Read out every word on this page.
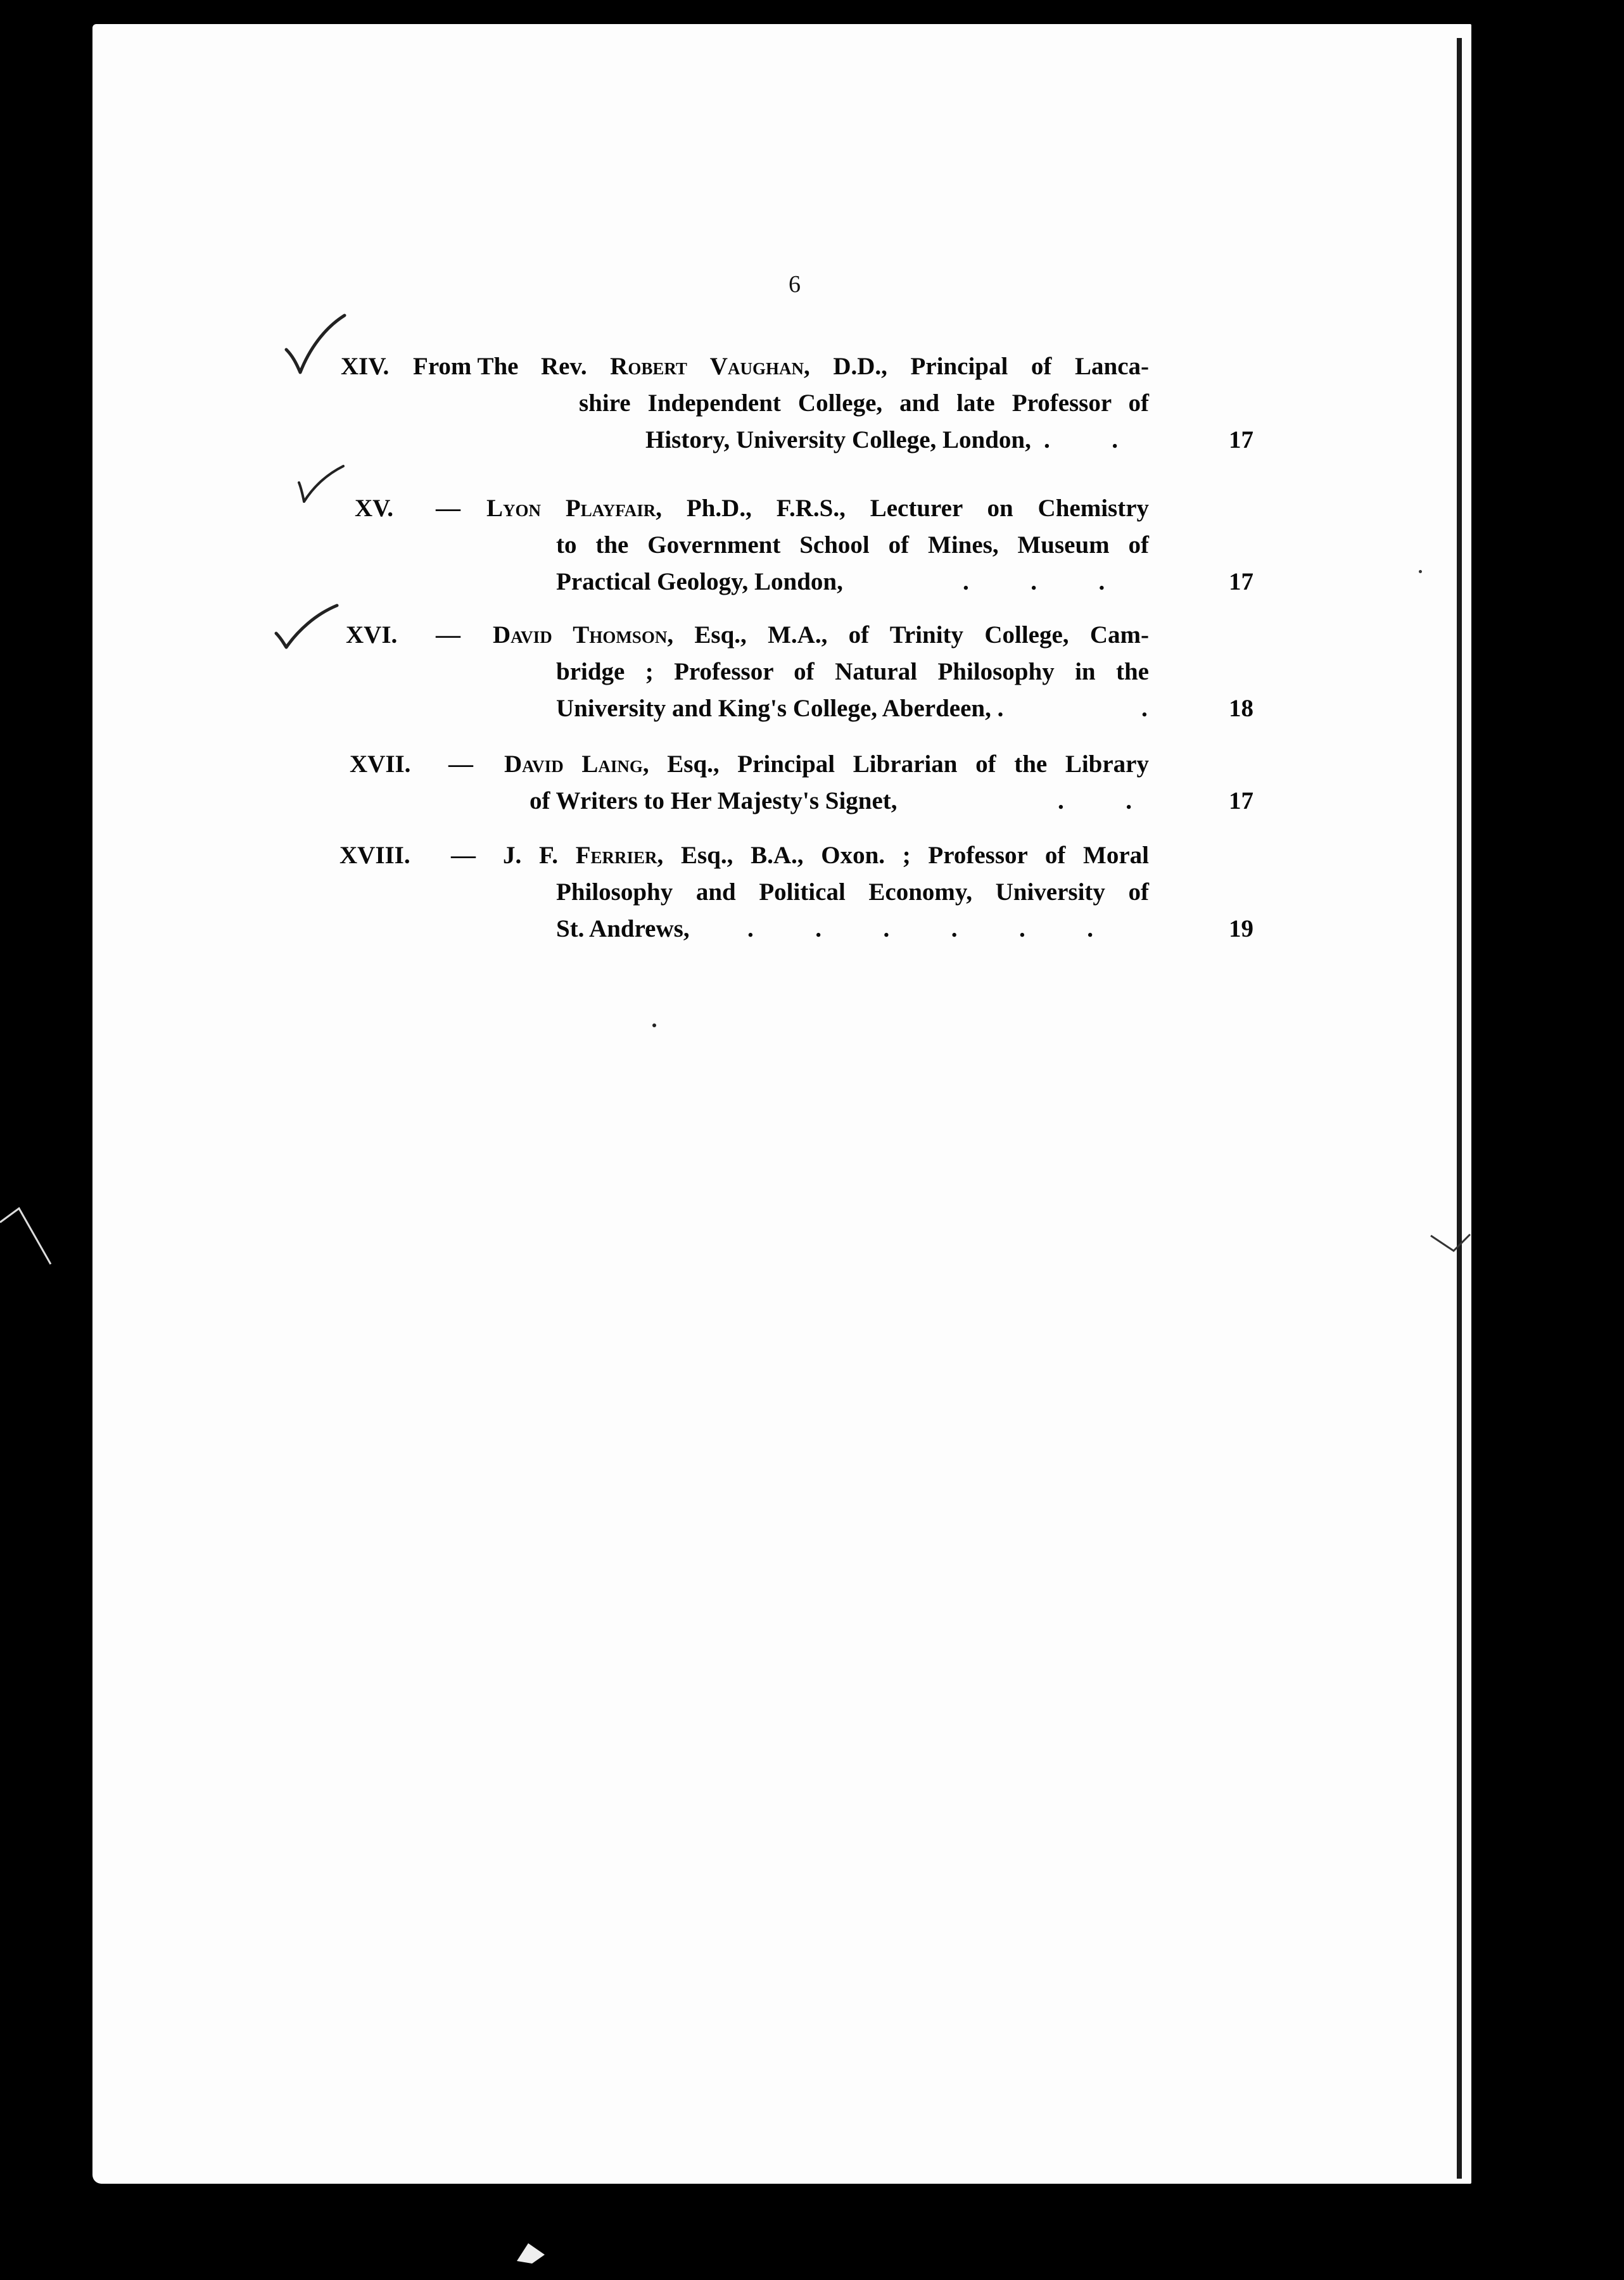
6
XIV. From The Rev. Robert Vaughan, D.D., Principal of Lanca-
shire Independent College, and late Professor of
History, University College, London, .          .	17
XV. — Lyon Playfair, Ph.D., F.R.S., Lecturer on Chemistry
to the Government School of Mines, Museum of
Practical Geology, London,	.          .          .	17
XVI. — David Thomson, Esq., M.A., of Trinity College, Cam-
bridge ; Professor of Natural Philosophy in the
University and King's College, Aberdeen, .	.	18
XVII. — David Laing, Esq., Principal Librarian of the Library
of Writers to Her Majesty's Signet,	.          .	17
XVIII. — J. F. Ferrier, Esq., B.A., Oxon. ; Professor of Moral
Philosophy and Political Economy, University of
St. Andrews,	.          .          .          .          .          .	19
